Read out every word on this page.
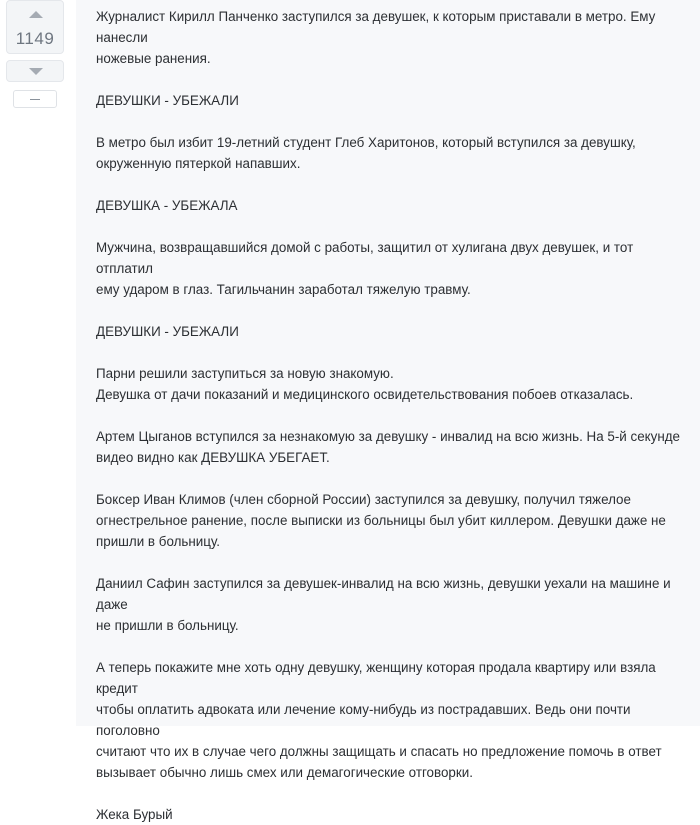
1149

Журналист Кирилл Панченко заступился за девушек, к которым приставали в метро. Ему нанесли
ножевые ранения.

ДЕВУШКИ - УБЕЖАЛИ

В метро был избит 19-летний студент Глеб Харитонов, который вступился за девушку,
окруженную пятеркой напавших.

ДЕВУШКА - УБЕЖАЛА

Мужчина, возвращавшийся домой с работы, защитил от хулигана двух девушек, и тот отплатил
ему ударом в глаз. Тагильчанин заработал тяжелую травму.

ДЕВУШКИ - УБЕЖАЛИ

Парни решили заступиться за новую знакомую.
Девушка от дачи показаний и медицинского освидетельствования побоев отказалась.

Артем Цыганов вступился за незнакомую за девушку - инвалид на всю жизнь. На 5-й секунде
видео видно как ДЕВУШКА УБЕГАЕТ.

Боксер Иван Климов (член сборной России) заступился за девушку, получил тяжелое
огнестрельное ранение, после выписки из больницы был убит киллером. Девушки даже не
пришли в больницу.

Даниил Сафин заступился за девушек-инвалид на всю жизнь, девушки уехали на машине и даже
не пришли в больницу.

А теперь покажите мне хоть одну девушку, женщину которая продала квартиру или взяла кредит
чтобы оплатить адвоката или лечение кому-нибудь из пострадавших. Ведь они почти поголовно
считают что их в случае чего должны защищать и спасать но предложение помочь в ответ
вызывает обычно лишь смех или демагогические отговорки.

Жека Бурый
